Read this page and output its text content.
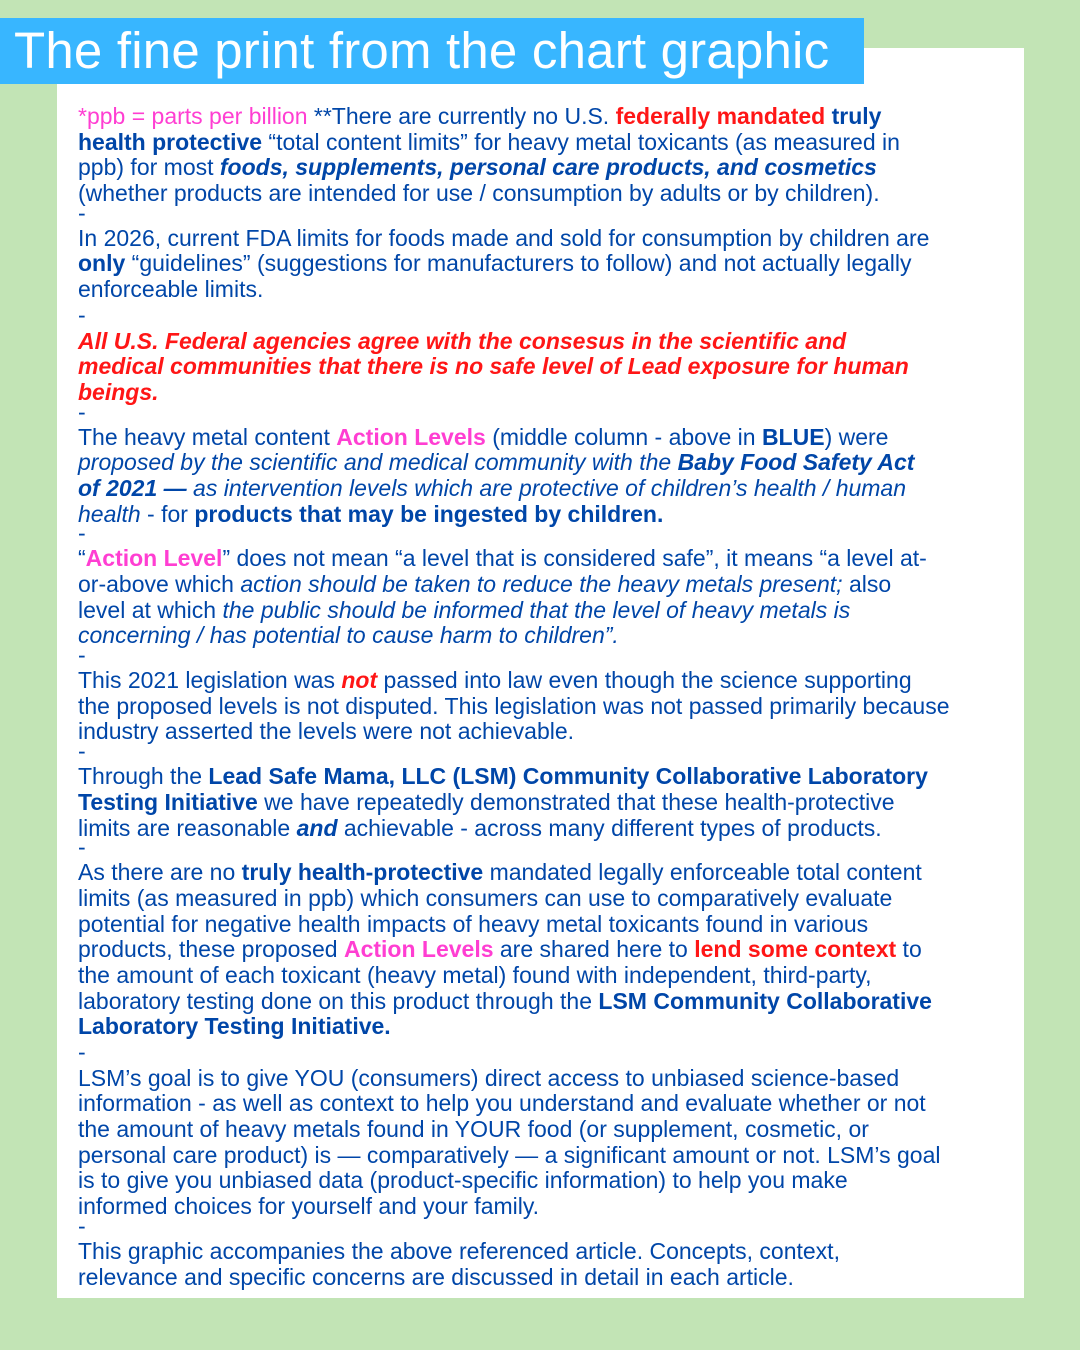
The fine print from the chart graphic
*ppb = parts per billion **There are currently no U.S. federally mandated truly
health protective “total content limits” for heavy metal toxicants (as measured in
ppb) for most foods, supplements, personal care products, and cosmetics
(whether products are intended for use / consumption by adults or by children).
-
In 2026, current FDA limits for foods made and sold for consumption by children are
only “guidelines” (suggestions for manufacturers to follow) and not actually legally
enforceable limits.
-
All U.S. Federal agencies agree with the consesus in the scientific and
medical communities that there is no safe level of Lead exposure for human
beings.
-
The heavy metal content Action Levels (middle column - above in BLUE) were
proposed by the scientific and medical community with the Baby Food Safety Act
of 2021 — as intervention levels which are protective of children’s health / human
health - for products that may be ingested by children.
-
“Action Level” does not mean “a level that is considered safe”, it means “a level at-
or-above which action should be taken to reduce the heavy metals present; also
level at which the public should be informed that the level of heavy metals is
concerning / has potential to cause harm to children”.
-
This 2021 legislation was not passed into law even though the science supporting
the proposed levels is not disputed. This legislation was not passed primarily because
industry asserted the levels were not achievable.
-
Through the Lead Safe Mama, LLC (LSM) Community Collaborative Laboratory
Testing Initiative we have repeatedly demonstrated that these health-protective
limits are reasonable and achievable - across many different types of products.
-
As there are no truly health-protective mandated legally enforceable total content
limits (as measured in ppb) which consumers can use to comparatively evaluate
potential for negative health impacts of heavy metal toxicants found in various
products, these proposed Action Levels are shared here to lend some context to
the amount of each toxicant (heavy metal) found with independent, third-party,
laboratory testing done on this product through the LSM Community Collaborative
Laboratory Testing Initiative.
-
LSM’s goal is to give YOU (consumers) direct access to unbiased science-based
information - as well as context to help you understand and evaluate whether or not
the amount of heavy metals found in YOUR food (or supplement, cosmetic, or
personal care product) is — comparatively — a significant amount or not. LSM’s goal
is to give you unbiased data (product-specific information) to help you make
informed choices for yourself and your family.
-
This graphic accompanies the above referenced article. Concepts, context,
relevance and specific concerns are discussed in detail in each article.
